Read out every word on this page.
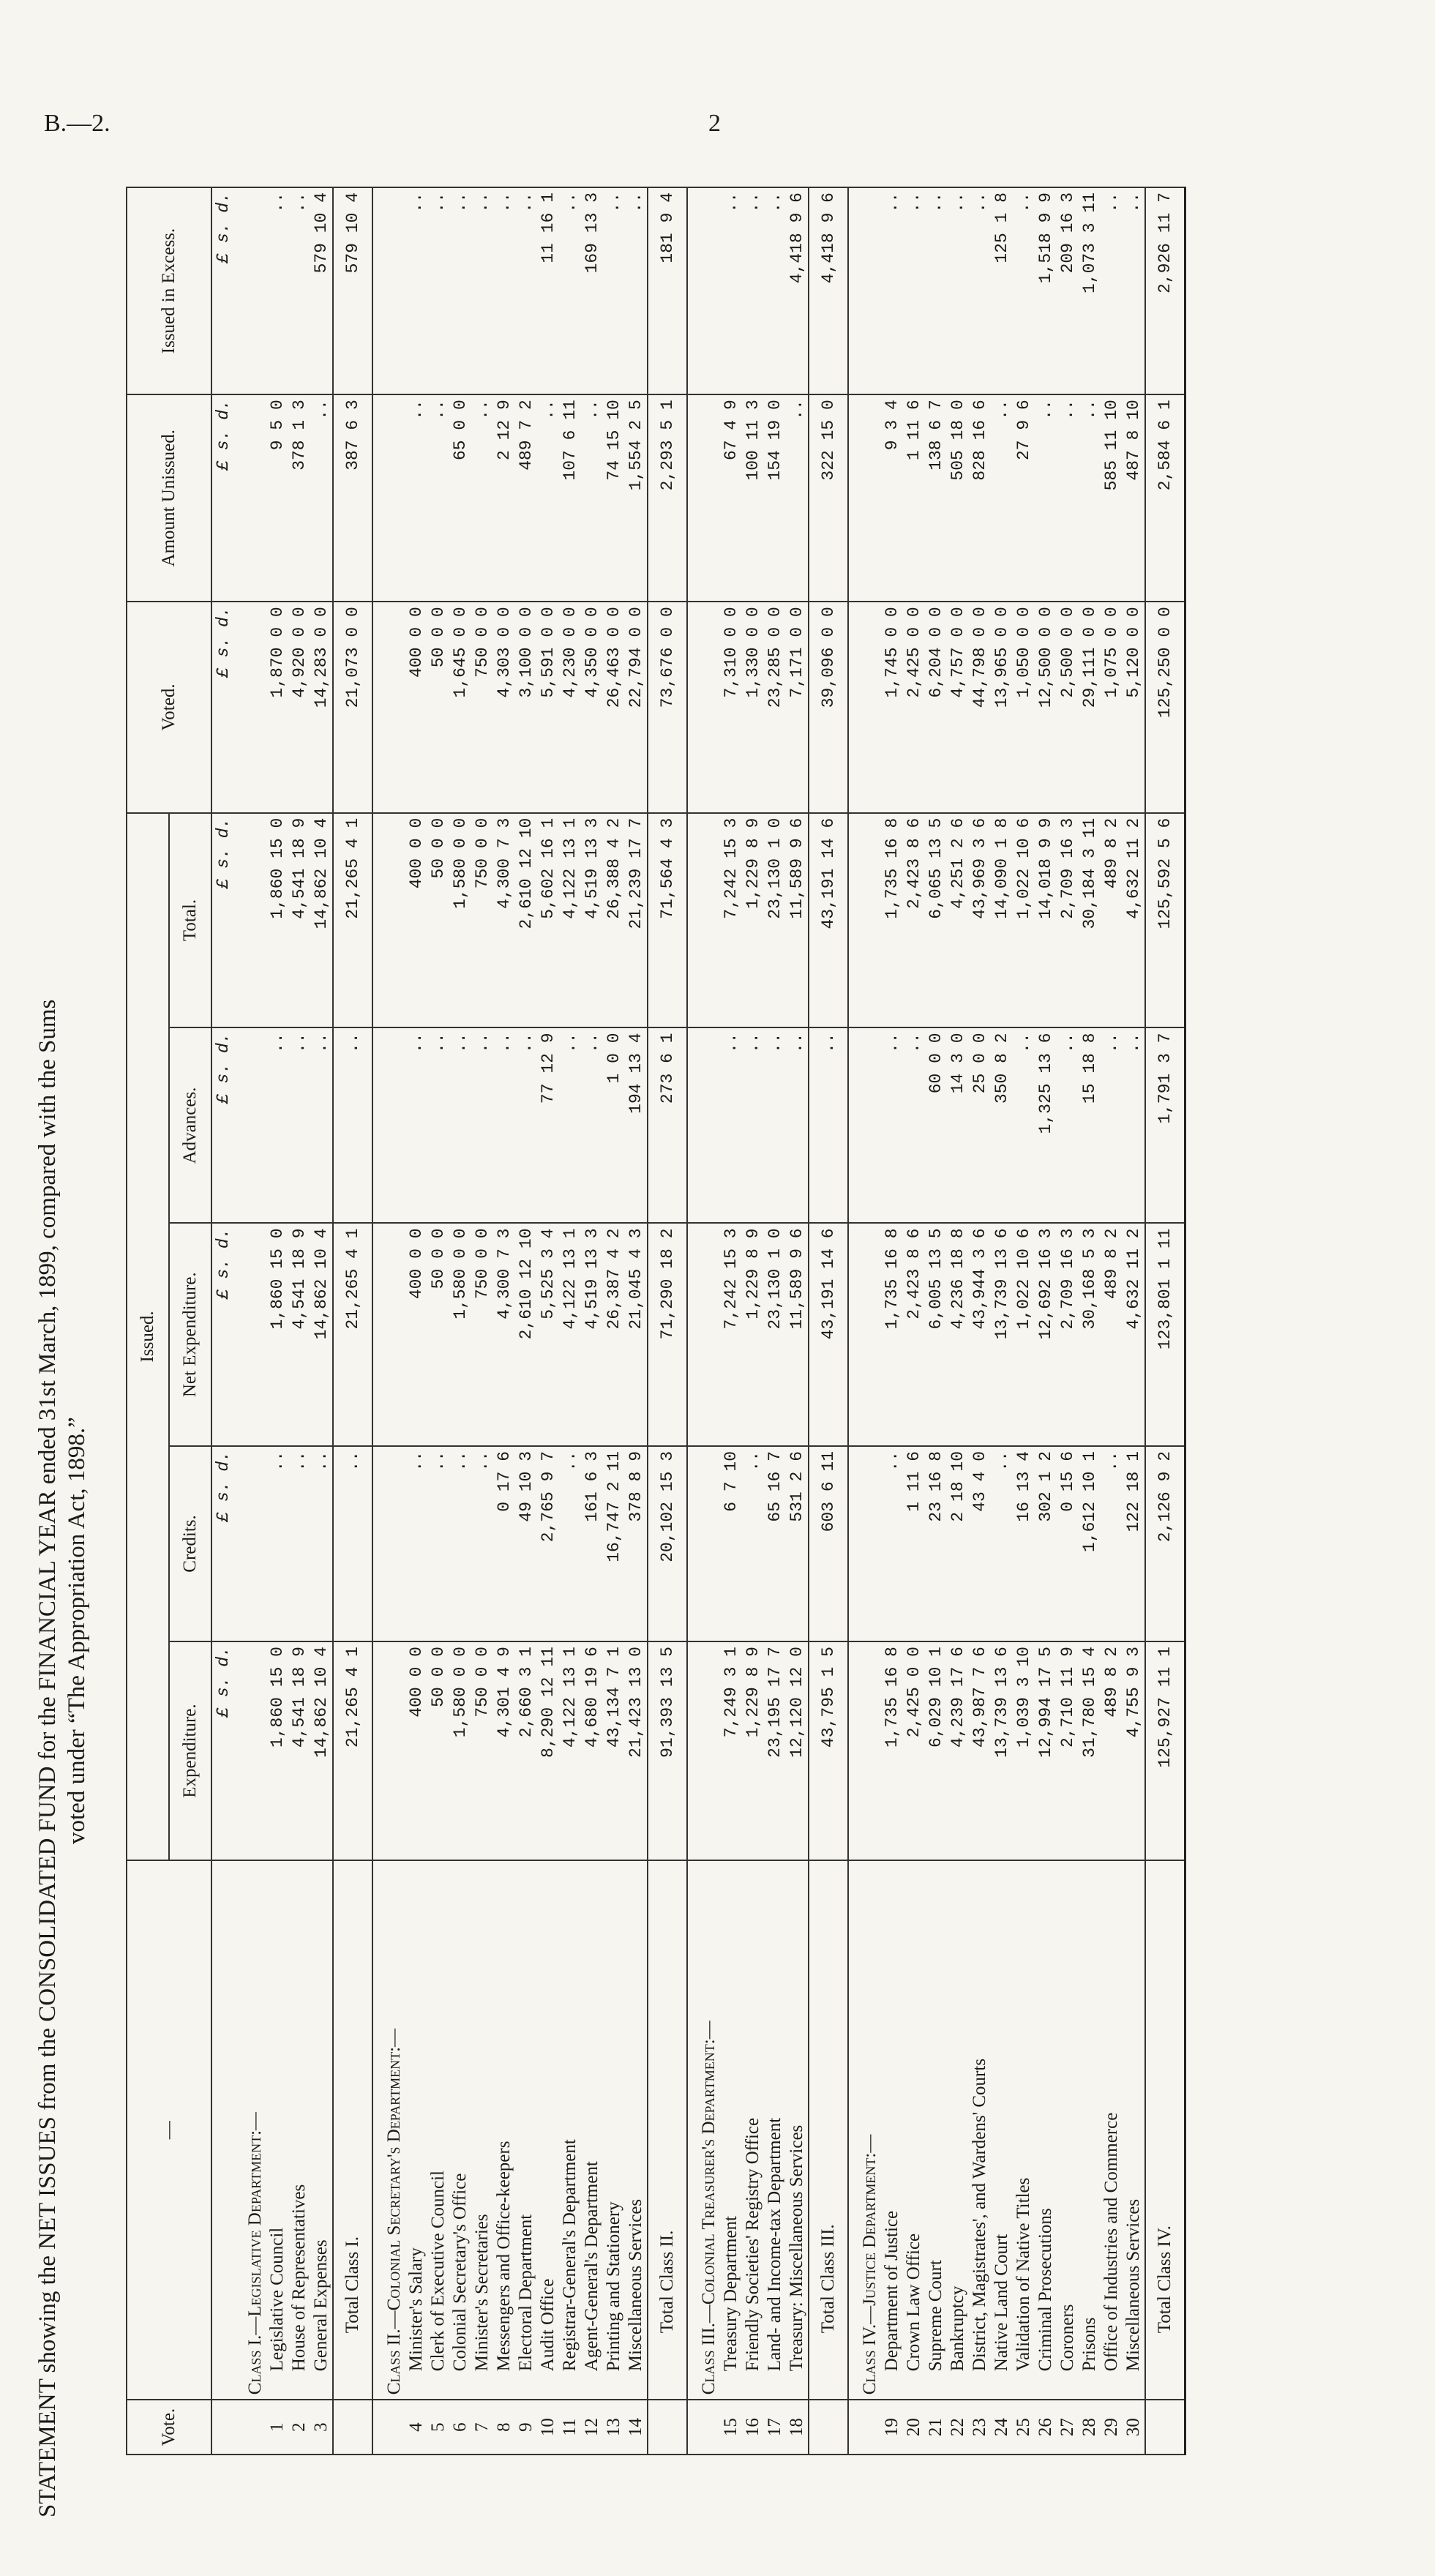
B.—2.	2
STATEMENT showing the NET ISSUES from the CONSOLIDATED FUND for the FINANCIAL YEAR ended 31st March, 1899, compared with the Sums voted under “The Appropriation Act, 1898.”
Vote.	—	Issued.					Voted.	Amount Unissued.	Issued in Excess.
		Expenditure.	Credits.	Net Expenditure.	Advances.	Total.			
		£ s. d.	£ s. d.	£ s. d.	£ s. d.	£ s. d.	£ s. d.	£ s. d.	£ s. d.
	Class I.—Legislative Department:—								
1	Legislative Council	1,860 15 0	..	1,860 15 0	..	1,860 15 0	1,870 0 0	9 5 0	..
2	House of Representatives	4,541 18 9	..	4,541 18 9	..	4,541 18 9	4,920 0 0	378 1 3	..
3	General Expenses	14,862 10 4	..	14,862 10 4	..	14,862 10 4	14,283 0 0	..	579 10 4
	Total Class I.	21,265 4 1	..	21,265 4 1	..	21,265 4 1	21,073 0 0	387 6 3	579 10 4
	Class II.—Colonial Secretary's Department:—								
4	Minister's Salary	400 0 0	..	400 0 0	..	400 0 0	400 0 0	..	..
5	Clerk of Executive Council	50 0 0	..	50 0 0	..	50 0 0	50 0 0	..	..
6	Colonial Secretary's Office	1,580 0 0	..	1,580 0 0	..	1,580 0 0	1,645 0 0	65 0 0	..
7	Minister's Secretaries	750 0 0	..	750 0 0	..	750 0 0	750 0 0	..	..
8	Messengers and Office-keepers	4,301 4 9	0 17 6	4,300 7 3	..	4,300 7 3	4,303 0 0	2 12 9	..
9	Electoral Department	2,660 3 1	49 10 3	2,610 12 10	..	2,610 12 10	3,100 0 0	489 7 2	..
10	Audit Office	8,290 12 11	2,765 9 7	5,525 3 4	77 12 9	5,602 16 1	5,591 0 0	..	11 16 1
11	Registrar-General's Department	4,122 13 1	..	4,122 13 1	..	4,122 13 1	4,230 0 0	107 6 11	..
12	Agent-General's Department	4,680 19 6	161 6 3	4,519 13 3	..	4,519 13 3	4,350 0 0	..	169 13 3
13	Printing and Stationery	43,134 7 1	16,747 2 11	26,387 4 2	1 0 0	26,388 4 2	26,463 0 0	74 15 10	..
14	Miscellaneous Services	21,423 13 0	378 8 9	21,045 4 3	194 13 4	21,239 17 7	22,794 0 0	1,554 2 5	..
	Total Class II.	91,393 13 5	20,102 15 3	71,290 18 2	273 6 1	71,564 4 3	73,676 0 0	2,293 5 1	181 9 4
	Class III.—Colonial Treasurer's Department:—								
15	Treasury Department	7,249 3 1	6 7 10	7,242 15 3	..	7,242 15 3	7,310 0 0	67 4 9	..
16	Friendly Societies' Registry Office	1,229 8 9	..	1,229 8 9	..	1,229 8 9	1,330 0 0	100 11 3	..
17	Land- and Income-tax Department	23,195 17 7	65 16 7	23,130 1 0	..	23,130 1 0	23,285 0 0	154 19 0	..
18	Treasury: Miscellaneous Services	12,120 12 0	531 2 6	11,589 9 6	..	11,589 9 6	7,171 0 0	..	4,418 9 6
	Total Class III.	43,795 1 5	603 6 11	43,191 14 6	..	43,191 14 6	39,096 0 0	322 15 0	4,418 9 6
	Class IV.—Justice Department:—								
19	Department of Justice	1,735 16 8	..	1,735 16 8	..	1,735 16 8	1,745 0 0	9 3 4	..
20	Crown Law Office	2,425 0 0	1 11 6	2,423 8 6	..	2,423 8 6	2,425 0 0	1 11 6	..
21	Supreme Court	6,029 10 1	23 16 8	6,005 13 5	60 0 0	6,065 13 5	6,204 0 0	138 6 7	..
22	Bankruptcy	4,239 17 6	2 18 10	4,236 18 8	14 3 0	4,251 2 6	4,757 0 0	505 18 0	..
23	District, Magistrates', and Wardens' Courts	43,987 7 6	43 4 0	43,944 3 6	25 0 0	43,969 3 6	44,798 0 0	828 16 6	..
24	Native Land Court	13,739 13 6	..	13,739 13 6	350 8 2	14,090 1 8	13,965 0 0	..	125 1 8
25	Validation of Native Titles	1,039 3 10	16 13 4	1,022 10 6	..	1,022 10 6	1,050 0 0	27 9 6	..
26	Criminal Prosecutions	12,994 17 5	302 1 2	12,692 16 3	1,325 13 6	14,018 9 9	12,500 0 0	..	1,518 9 9
27	Coroners	2,710 11 9	0 15 6	2,709 16 3	..	2,709 16 3	2,500 0 0	..	209 16 3
28	Prisons	31,780 15 4	1,612 10 1	30,168 5 3	15 18 8	30,184 3 11	29,111 0 0	..	1,073 3 11
29	Office of Industries and Commerce	489 8 2	..	489 8 2	..	489 8 2	1,075 0 0	585 11 10	..
30	Miscellaneous Services	4,755 9 3	122 18 1	4,632 11 2	..	4,632 11 2	5,120 0 0	487 8 10	..
	Total Class IV.	125,927 11 1	2,126 9 2	123,801 1 11	1,791 3 7	125,592 5 6	125,250 0 0	2,584 6 1	2,926 11 7
